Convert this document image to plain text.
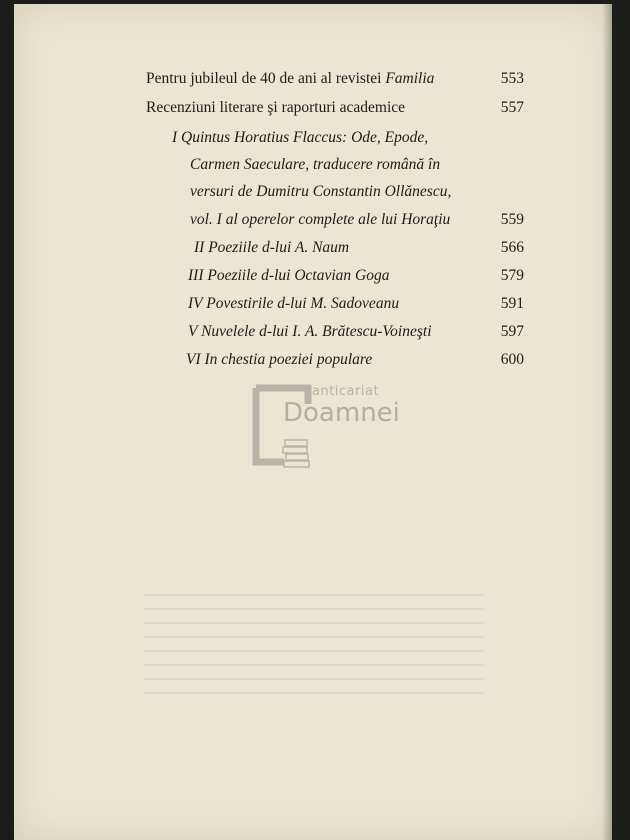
Pentru jubileul de 40 de ani al revistei Familia	553
Recenziuni literare şi raporturi academice	557
I Quintus Horatius Flaccus: Ode, Epode,
Carmen Saeculare, traducere română în
versuri de Dumitru Constantin Ollănescu,
vol. I al operelor complete ale lui Horaţiu	559
II Poeziile d-lui A. Naum	566
III Poeziile d-lui Octavian Goga	579
IV Povestirile d-lui M. Sadoveanu	591
V Nuvelele d-lui I. A. Brătescu-Voineşti	597
VI In chestia poeziei populare	600
anticariat
Doamnei
